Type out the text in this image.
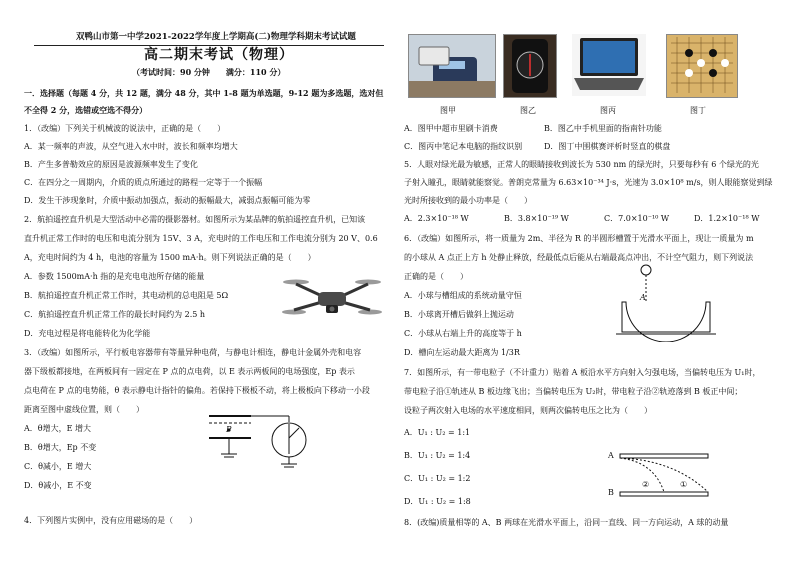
双鸭山市第一中学2021-2022学年度上学期高(二)物理学科期末考试试题
高二期末考试（物理）
（考试时间：90 分钟　　满分：110 分）
一．选择题（每题 4 分，共 12 题，满分 48 分，其中 1-8 题为单选题，9-12 题为多选题，选对但
不全得 2 分，选错或空选不得分）
1．（改编）下列关于机械波的说法中，正确的是（　　）
A．某一频率的声波，从空气进入水中时，波长和频率均增大
B．产生多普勒效应的原因是波源频率发生了变化
C．在四分之一周期内，介质的质点所通过的路程一定等于一个振幅
D．发生干涉现象时，介质中振动加强点，振动的振幅最大，减弱点振幅可能为零
2．航拍遥控直升机是大型活动中必需的摄影器材。如图所示为某品牌的航拍遥控直升机，已知该
直升机正常工作时的电压和电流分别为 15V、3 A，充电时的工作电压和工作电流分别为 20 V、0.6
A，充电时间约为 4 h，电池的容量为 1500 mA·h。则下列说法正确的是（　　）
A．参数 1500mA·h 指的是充电电池所存储的能量
B．航拍遥控直升机正常工作时，其电动机的总电阻是 5Ω
C．航拍遥控直升机正常工作的最长时间约为 2.5 h
D．充电过程是将电能转化为化学能
3．（改编）如图所示，平行板电容器带有等量异种电荷，与静电计相连，静电计金属外壳和电容
器下级板都接地，在两板间有一固定在 P 点的点电荷，以 E 表示两板间的电场强度，Ep 表示
点电荷在 P 点的电势能，θ 表示静电计指针的偏角。若保持下极板不动，将上极板向下移动一小段
距离至图中虚线位置，则（　　）
A．θ增大，E 增大
B．θ增大，Ep 不变
C．θ减小，E 增大
D．θ减小，E 不变
P
4．下列图片实例中，没有应用磁场的是（　　）
图甲	图乙	图丙	图丁
A．图甲中超市里刷卡消费	B．图乙中手机里面的指南针功能
C．图丙中笔记本电脑的指纹识别	D．图丁中围棋赛评析时竖直的棋盘
5．人眼对绿光最为敏感，正常人的眼睛接收到波长为 530 nm 的绿光时，只要每秒有 6 个绿光的光
子射入瞳孔，眼睛就能察觉。普朗克常量为 6.63×10⁻³⁴ J·s，光速为 3.0×10⁸ m/s，则人眼能察觉到绿
光时所接收到的最小功率是（　　）
A．2.3×10⁻¹⁸ W	B．3.8×10⁻¹⁹ W	C．7.0×10⁻¹⁰ W	D．1.2×10⁻¹⁸ W
6．（改编）如图所示，将一质量为 2m、半径为 R 的半圆形槽置于光滑水平面上，现让一质量为 m
的小球从 A 点正上方 h 处静止释放，经最低点后能从右端最高点冲出，不计空气阻力，则下列说法
正确的是（　　）
A．小球与槽组成的系统动量守恒
B．小球离开槽后做斜上抛运动
C．小球从右端上升的高度等于 h
D．槽向左运动最大距离为 1/3R
A
7．如图所示，有一带电粒子（不计重力）贴着 A 板沿水平方向射入匀强电场，当偏转电压为 U₁时，
带电粒子沿①轨迹从 B 板边缘飞出；当偏转电压为 U₂时，带电粒子沿②轨迹落到 B 板正中间；
设粒子两次射入电场的水平速度相同，则两次偏转电压之比为（　　）
A．U₁ : U₂ = 1:1
B．U₁ : U₂ = 1:4
C．U₁ : U₂ = 1:2
D．U₁ : U₂ = 1:8
A
B
②	①
8．(改编)质量相等的 A、B 两球在光滑水平面上，沿同一直线、同一方向运动，A 球的动量
